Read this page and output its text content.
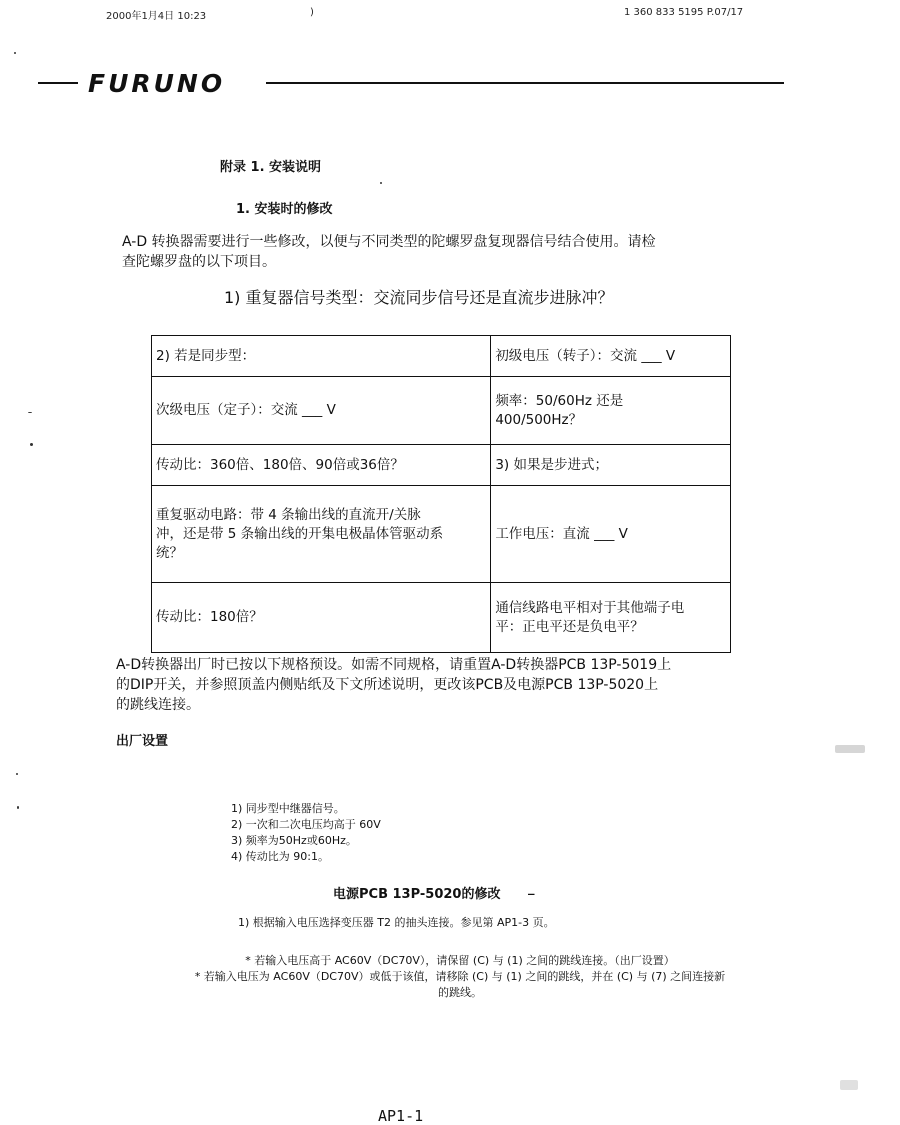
2000年1月4日 10:23	)	1 360 833 5195 P.07/17
FURUNO
附录 1. 安装说明
1. 安装时的修改
A-D 转换器需要进行一些修改，以便与不同类型的陀螺罗盘复现器信号结合使用。请检
查陀螺罗盘的以下项目。
1) 重复器信号类型：交流同步信号还是直流步进脉冲？
2) 若是同步型：	初级电压（转子）：交流 ___ V
次级电压（定子）：交流 ___ V	频率：50/60Hz 还是
400/500Hz？

传动比：360倍、180倍、90倍或36倍？	3) 如果是步进式；

重复驱动电路：带 4 条输出线的直流开/关脉
冲，还是带 5 条输出线的开集电极晶体管驱动系
统？	工作电压：直流 ___ V
传动比：180倍？	通信线路电平相对于其他端子电
平：正电平还是负电平？
A-D转换器出厂时已按以下规格预设。如需不同规格，请重置A-D转换器PCB 13P-5019上
的DIP开关，并参照顶盖内侧贴纸及下文所述说明，更改该PCB及电源PCB 13P-5020上
的跳线连接。
出厂设置
1) 同步型中继器信号。
2) 一次和二次电压均高于 60V
3) 频率为50Hz或60Hz。
4) 传动比为 90:1。
电源PCB 13P-5020的修改 _
1) 根据输入电压选择变压器 T2 的抽头连接。参见第 AP1-3 页。
* 若输入电压高于 AC60V（DC70V），请保留 (C) 与 (1) 之间的跳线连接。（出厂设置）
* 若输入电压为 AC60V（DC70V）或低于该值，请移除 (C) 与 (1) 之间的跳线，并在 (C) 与 (7) 之间连接新
的跳线。
AP1-1
